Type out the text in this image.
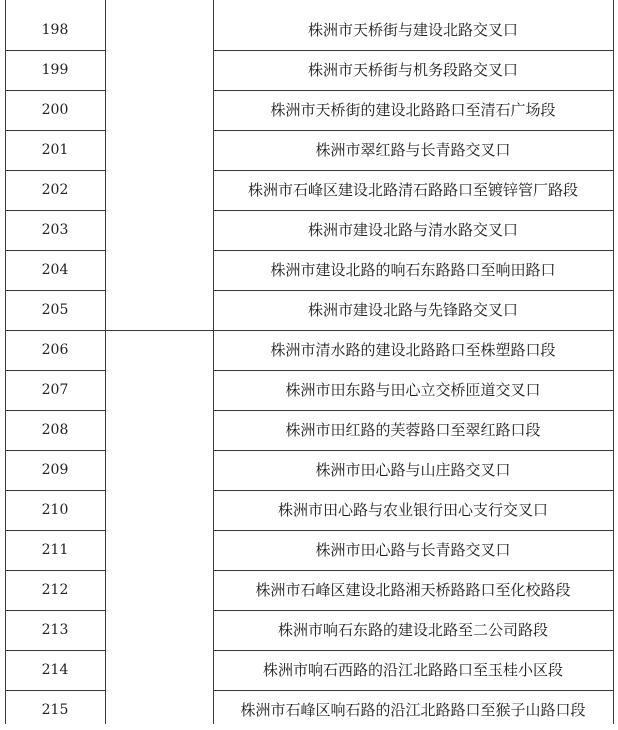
198	株洲市天桥街与建设北路交叉口
199	株洲市天桥街与机务段路交叉口
200	株洲市天桥街的建设北路路口至清石广场段
201	株洲市翠红路与长青路交叉口
202	株洲市石峰区建设北路清石路路口至镀锌管厂路段
203	株洲市建设北路与清水路交叉口
204	株洲市建设北路的响石东路路口至响田路口
205	株洲市建设北路与先锋路交叉口
206	株洲市清水路的建设北路路口至株塑路口段
207	株洲市田东路与田心立交桥匝道交叉口
208	株洲市田红路的芙蓉路口至翠红路口段
209	株洲市田心路与山庄路交叉口
210	株洲市田心路与农业银行田心支行交叉口
211	株洲市田心路与长青路交叉口
212	株洲市石峰区建设北路湘天桥路路口至化校路段
213	株洲市响石东路的建设北路至二公司路段
214	株洲市响石西路的沿江北路路口至玉桂小区段
215	株洲市石峰区响石路的沿江北路路口至猴子山路口段
